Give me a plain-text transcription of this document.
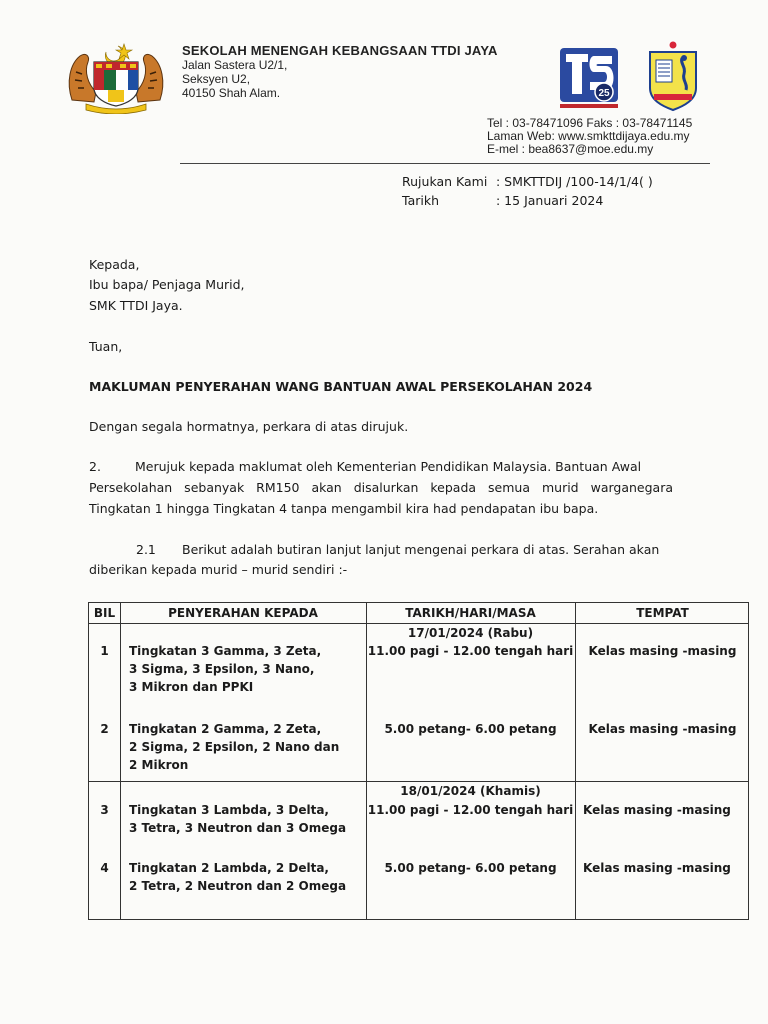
SEKOLAH MENENGAH KEBANGSAAN TTDI JAYA
Jalan Sastera U2/1,
Seksyen U2,
40150 Shah Alam.	25
Tel : 03-78471096 Faks : 03-78471145
Laman Web: www.smkttdijaya.edu.my
E-mel : bea8637@moe.edu.my
Rujukan Kami : SMKTTDIJ /100-14/1/4( )
Tarikh	: 15 Januari 2024
Kepada,
Ibu bapa/ Penjaga Murid,
SMK TTDI Jaya.
Tuan,
MAKLUMAN PENYERAHAN WANG BANTUAN AWAL PERSEKOLAHAN 2024
Dengan segala hormatnya, perkara di atas dirujuk.
2.	Merujuk kepada maklumat oleh Kementerian Pendidikan Malaysia. Bantuan Awal
Persekolahan sebanyak RM150 akan disalurkan kepada semua murid warganegara
Tingkatan 1 hingga Tingkatan 4 tanpa mengambil kira had pendapatan ibu bapa.
2.1 Berikut adalah butiran lanjut lanjut mengenai perkara di atas. Serahan akan
diberikan kepada murid – murid sendiri :-
BIL	PENYERAHAN KEPADA	TARIKH/HARI/MASA	TEMPAT
17/01/2024 (Rabu)
1	Tingkatan 3 Gamma, 3 Zeta,
3 Sigma, 3 Epsilon, 3 Nano,
3 Mikron dan PPKI
11.00 pagi - 12.00 tengah hari	Kelas masing -masing
2	Tingkatan 2 Gamma, 2 Zeta,
2 Sigma, 2 Epsilon, 2 Nano dan
2 Mikron
5.00 petang- 6.00 petang	Kelas masing -masing
18/01/2024 (Khamis)
3	Tingkatan 3 Lambda, 3 Delta,
3 Tetra, 3 Neutron dan 3 Omega
11.00 pagi - 12.00 tengah hari Kelas masing -masing
4	Tingkatan 2 Lambda, 2 Delta,
2 Tetra, 2 Neutron dan 2 Omega
5.00 petang- 6.00 petang	Kelas masing -masing
